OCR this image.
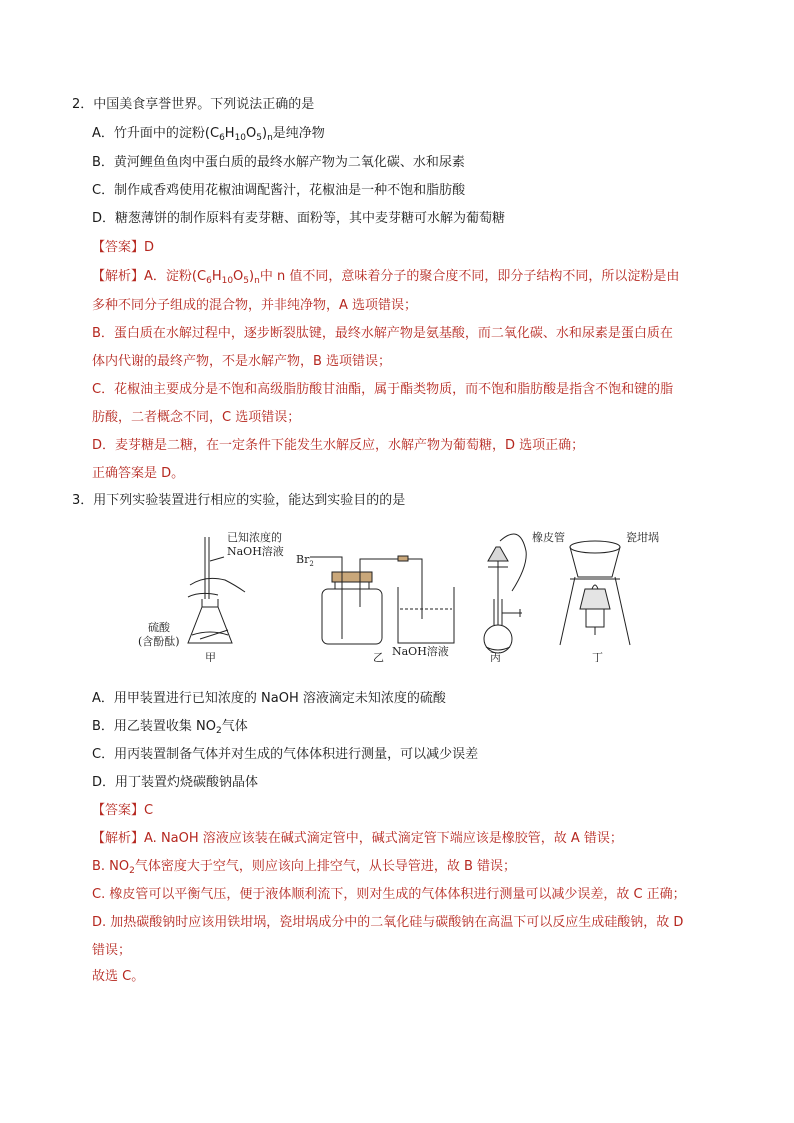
2．中国美食享誉世界。下列说法正确的是
A．竹升面中的淀粉$(C_6H_{10}O_5)_n$是纯净物
B．黄河鲤鱼鱼肉中蛋白质的最终水解产物为二氧化碳、水和尿素
C．制作咸香鸡使用花椒油调配酱汁，花椒油是一种不饱和脂肪酸
D．糖葱薄饼的制作原料有麦芽糖、面粉等，其中麦芽糖可水解为葡萄糖
【答案】D
【解析】A．淀粉$(C_6H_{10}O_5)_n$中 n 值不同，意味着分子的聚合度不同，即分子结构不同，所以淀粉是由
多种不同分子组成的混合物，并非纯净物，A 选项错误；
B．蛋白质在水解过程中，逐步断裂肽键，最终水解产物是氨基酸，而二氧化碳、水和尿素是蛋白质在
体内代谢的最终产物，不是水解产物，B 选项错误；
C．花椒油主要成分是不饱和高级脂肪酸甘油酯，属于酯类物质，而不饱和脂肪酸是指含不饱和键的脂
肪酸，二者概念不同，C 选项错误；
D．麦芽糖是二糖，在一定条件下能发生水解反应，水解产物为葡萄糖，D 选项正确；
正确答案是 D。
3．用下列实验装置进行相应的实验，能达到实验目的的是
已知浓度的
NaOH溶液
硫酸
(含酚酞)
甲
$Br_2$
NaOH溶液
乙
橡皮管
丙
瓷坩埚
丁
A．用甲装置进行已知浓度的 NaOH 溶液滴定未知浓度的硫酸
B．用乙装置收集 $NO_2$气体
C．用丙装置制备气体并对生成的气体体积进行测量，可以减少误差
D．用丁装置灼烧碳酸钠晶体
【答案】C
【解析】A. NaOH 溶液应该装在碱式滴定管中，碱式滴定管下端应该是橡胶管，故 A 错误；
B. $NO_2$气体密度大于空气，则应该向上排空气，从长导管进，故 B 错误；
C. 橡皮管可以平衡气压，便于液体顺利流下，则对生成的气体体积进行测量可以减少误差，故 C 正确；
D. 加热碳酸钠时应该用铁坩埚，瓷坩埚成分中的二氧化硅与碳酸钠在高温下可以反应生成硅酸钠，故 D
错误；
故选 C。
